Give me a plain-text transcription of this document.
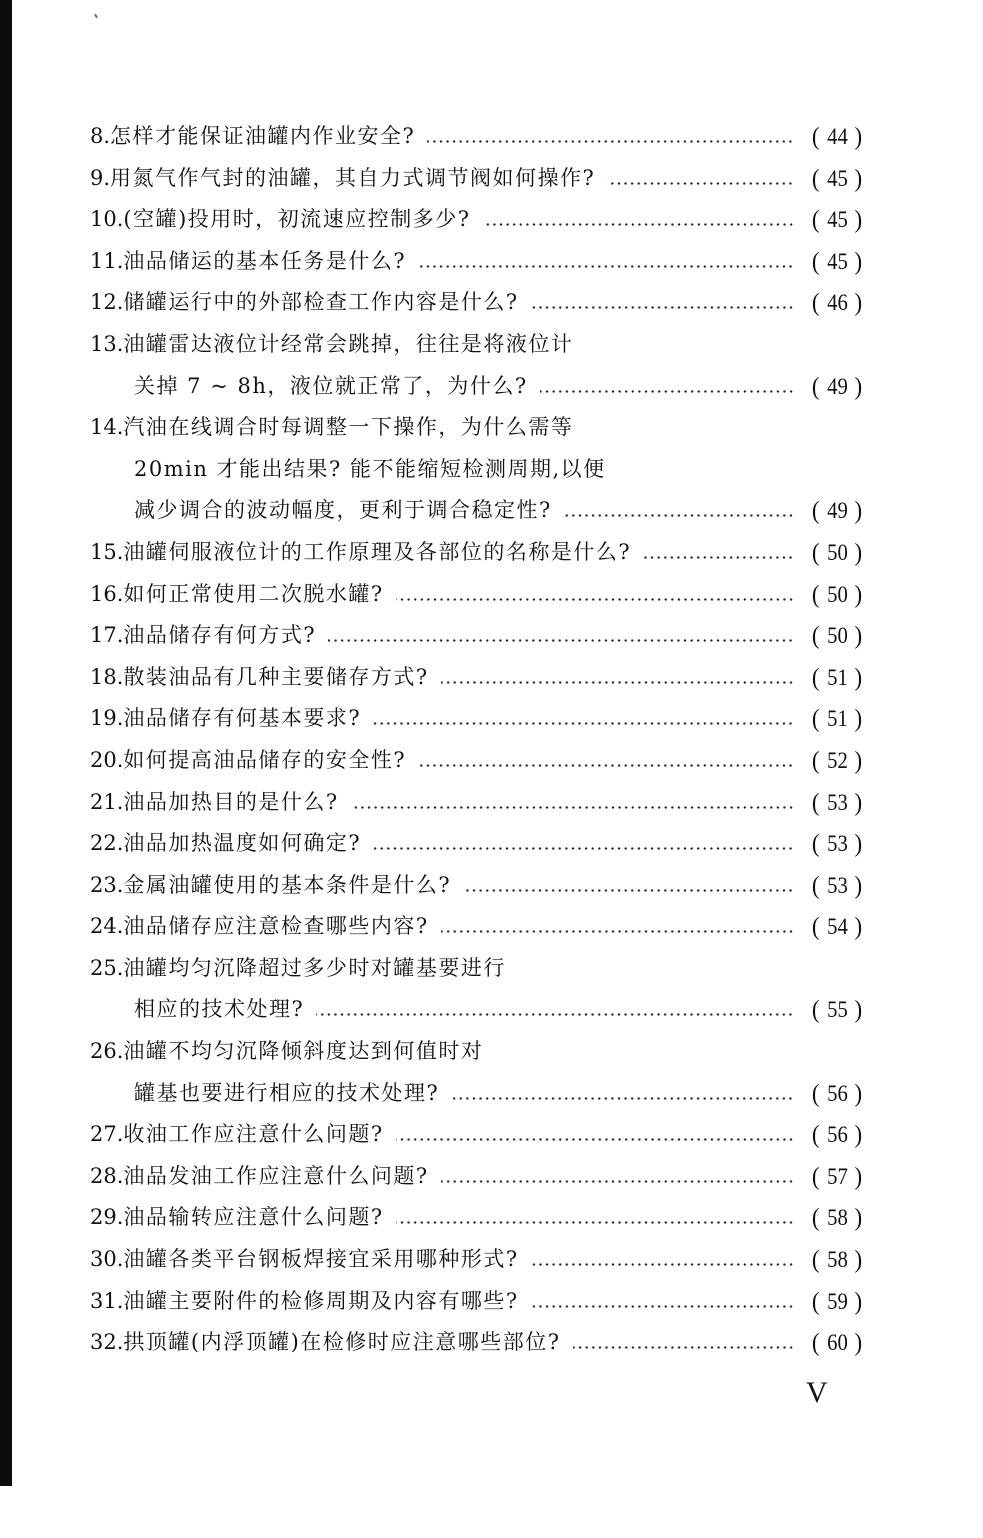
8. 怎样才能保证油罐内作业安全?	( 44 )
9. 用氮气作气封的油罐，其自力式调节阀如何操作?	( 45 )
10. (空罐)投用时，初流速应控制多少?	( 45 )
11. 油品储运的基本任务是什么?	( 45 )
12. 储罐运行中的外部检查工作内容是什么?	( 46 )
13. 油罐雷达液位计经常会跳掉，往往是将液位计
关掉 7 ~ 8h，液位就正常了，为什么?	( 49 )
14. 汽油在线调合时每调整一下操作，为什么需等
20min 才能出结果? 能不能缩短检测周期,以便
减少调合的波动幅度，更利于调合稳定性?	( 49 )
15. 油罐伺服液位计的工作原理及各部位的名称是什么?	( 50 )
16. 如何正常使用二次脱水罐?	( 50 )
17. 油品储存有何方式?	( 50 )
18. 散装油品有几种主要储存方式?	( 51 )
19. 油品储存有何基本要求?	( 51 )
20. 如何提高油品储存的安全性?	( 52 )
21. 油品加热目的是什么?	( 53 )
22. 油品加热温度如何确定?	( 53 )
23. 金属油罐使用的基本条件是什么?	( 53 )
24. 油品储存应注意检查哪些内容?	( 54 )
25. 油罐均匀沉降超过多少时对罐基要进行
相应的技术处理?	( 55 )
26. 油罐不均匀沉降倾斜度达到何值时对
罐基也要进行相应的技术处理?	( 56 )
27. 收油工作应注意什么问题?	( 56 )
28. 油品发油工作应注意什么问题?	( 57 )
29. 油品输转应注意什么问题?	( 58 )
30. 油罐各类平台钢板焊接宜采用哪种形式?	( 58 )
31. 油罐主要附件的检修周期及内容有哪些?	( 59 )
32. 拱顶罐(内浮顶罐)在检修时应注意哪些部位?	( 60 )
V
